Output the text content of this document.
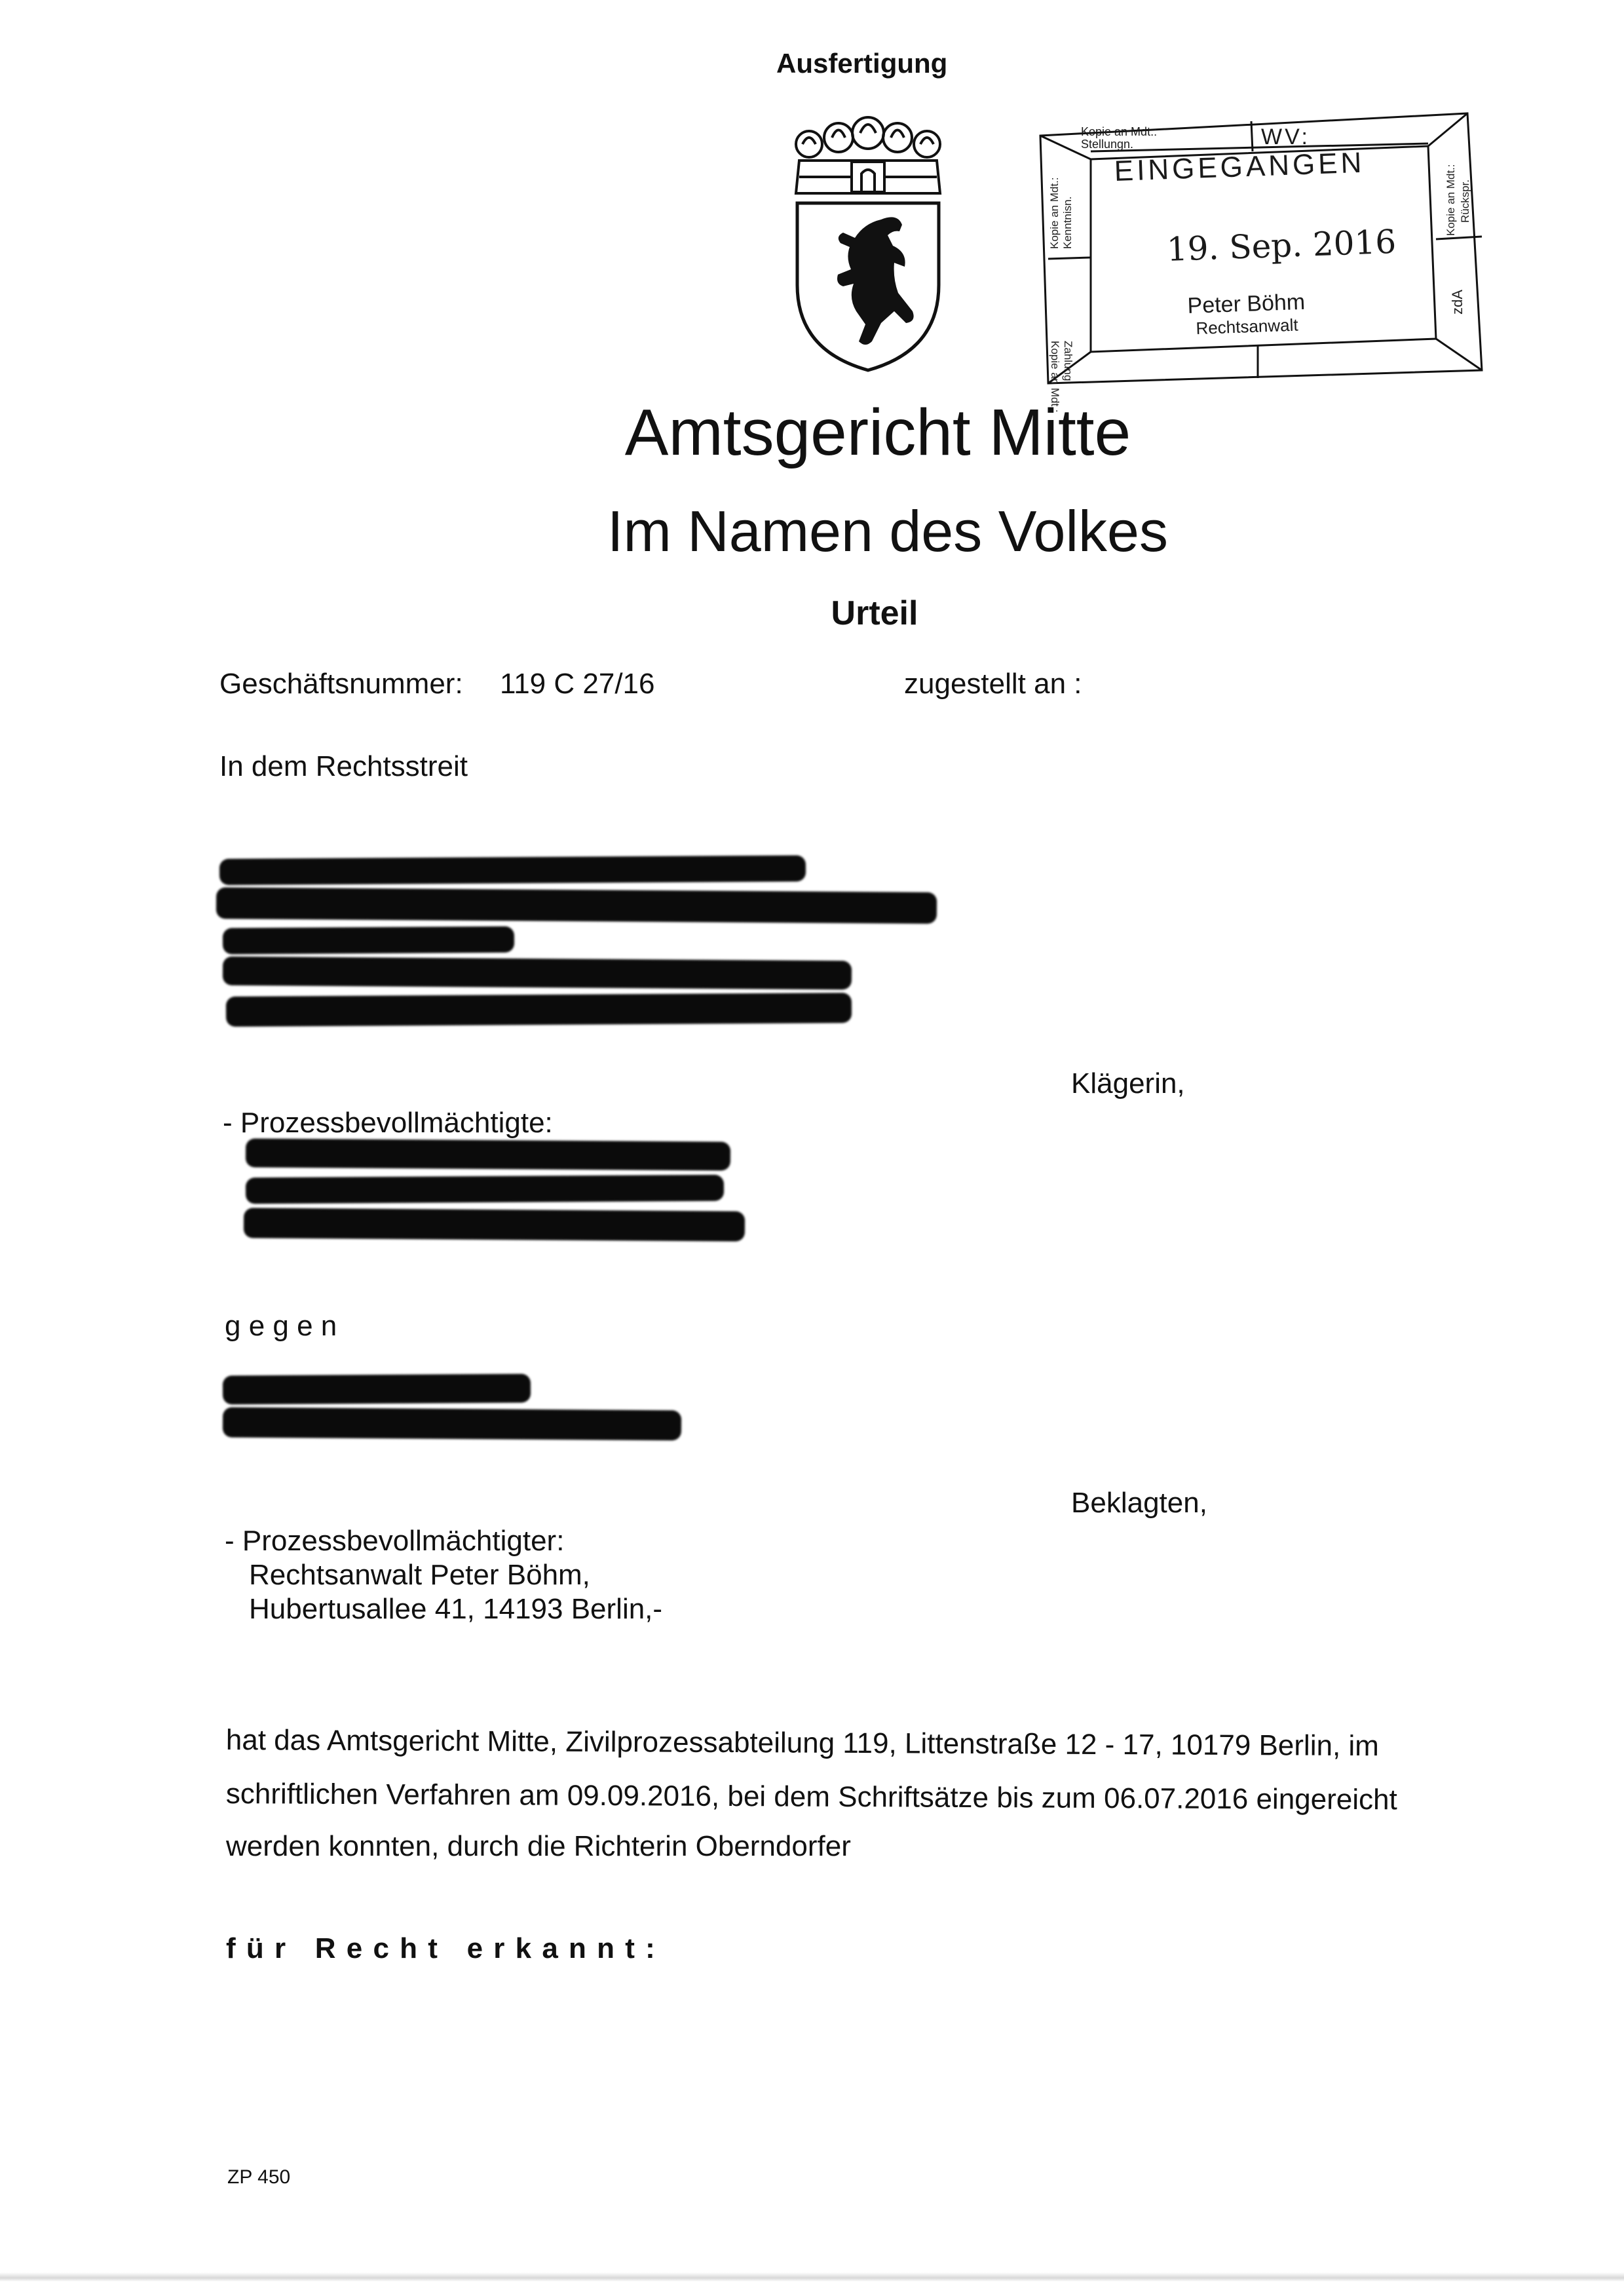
Ausfertigung
Kopie an Mdt.:
Stellungn.	WV:
EINGEGANGEN
19. Sep. 2016
Peter Böhm
Rechtsanwalt
Kopie an Mdt.: Kenntnisn.
Kopie an Mdt.: Zahlung
Kopie an Mdt.: Rückspr.
zdA
Amtsgericht Mitte
Im Namen des Volkes
Urteil
Geschäftsnummer: 119 C 27/16	zugestellt an :
In dem Rechtsstreit
Klägerin,
- Prozessbevollmächtigte:
g e g e n
Beklagten,
- Prozessbevollmächtigter:
Rechtsanwalt Peter Böhm,
Hubertusallee 41, 14193 Berlin,-
hat das Amtsgericht Mitte, Zivilprozessabteilung 119, Littenstraße 12 - 17, 10179 Berlin, im
schriftlichen Verfahren am 09.09.2016, bei dem Schriftsätze bis zum 06.07.2016 eingereicht
werden konnten, durch die Richterin Oberndorfer
f ü r   R e c h t   e r k a n n t :
ZP 450
